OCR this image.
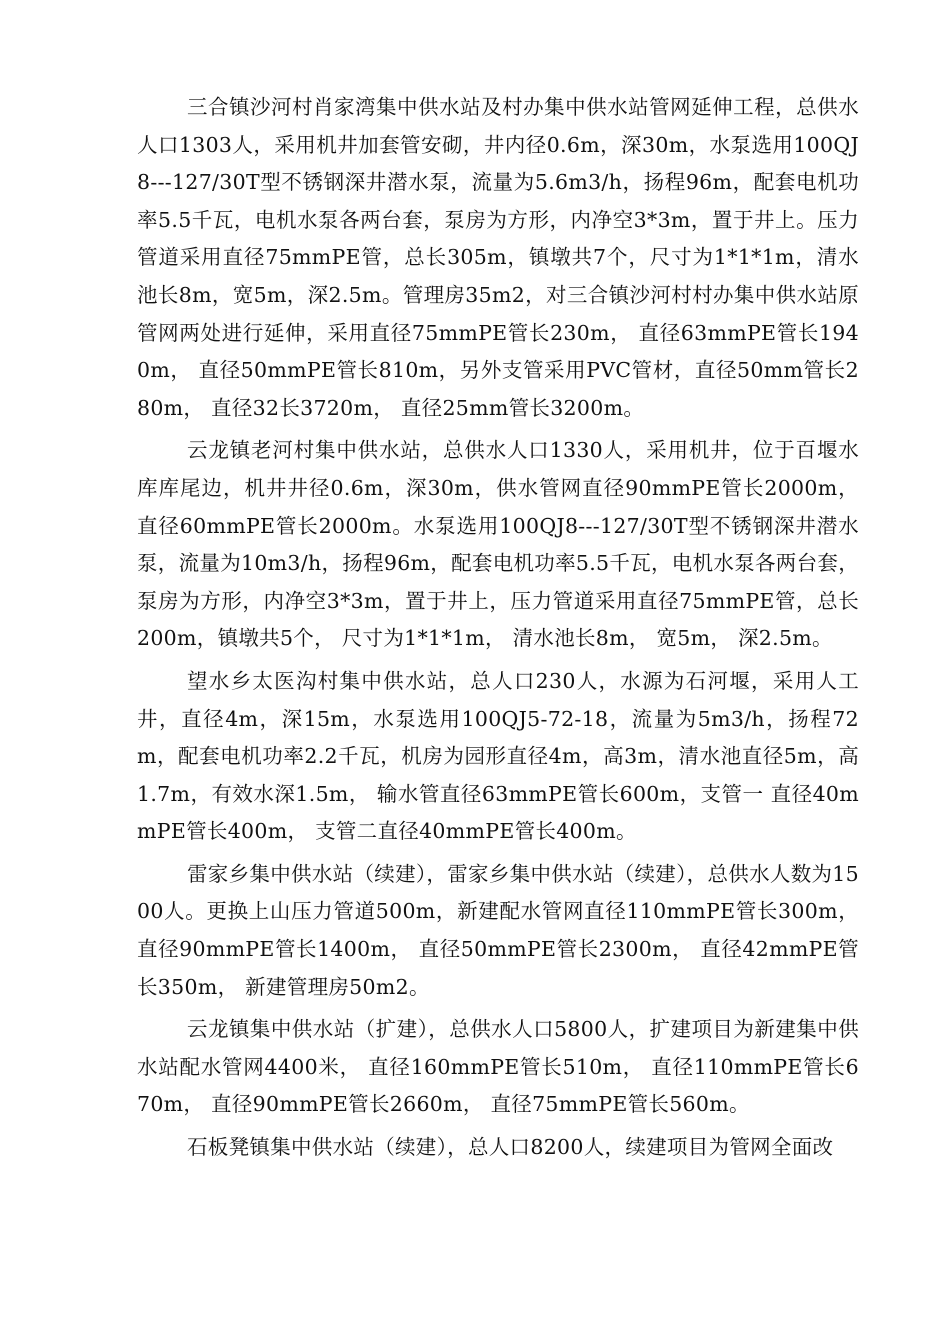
三合镇沙河村肖家湾集中供水站及村办集中供水站管网延伸工程，总供水人口1303人，采用机井加套管安砌，井内径0.6m，深30m，水泵选用100QJ8---127/30T型不锈钢深井潜水泵，流量为5.6m3/h，扬程96m，配套电机功率5.5千瓦，电机水泵各两台套，泵房为方形，内净空3*3m，置于井上。压力管道采用直径75mmPE管，总长305m，镇墩共7个，尺寸为1*1*1m，清水池长8m，宽5m，深2.5m。管理房35m2，对三合镇沙河村村办集中供水站原管网两处进行延伸，采用直径75mmPE管长230m， 直径63mmPE管长1940m， 直径50mmPE管长810m，另外支管采用PVC管材，直径50mm管长280m， 直径32长3720m， 直径25mm管长3200m。

云龙镇老河村集中供水站，总供水人口1330人，采用机井，位于百堰水库库尾边，机井井径0.6m，深30m，供水管网直径90mmPE管长2000m， 直径60mmPE管长2000m。水泵选用100QJ8---127/30T型不锈钢深井潜水泵，流量为10m3/h，扬程96m，配套电机功率5.5千瓦，电机水泵各两台套，泵房为方形，内净空3*3m，置于井上，压力管道采用直径75mmPE管，总长200m，镇墩共5个， 尺寸为1*1*1m， 清水池长8m， 宽5m， 深2.5m。

望水乡太医沟村集中供水站，总人口230人，水源为石河堰，采用人工井，直径4m，深15m，水泵选用100QJ5-72-18，流量为5m3/h，扬程72m，配套电机功率2.2千瓦，机房为园形直径4m，高3m，清水池直径5m，高1.7m，有效水深1.5m， 输水管直径63mmPE管长600m，支管一 直径40mmPE管长400m， 支管二直径40mmPE管长400m。

雷家乡集中供水站（续建），雷家乡集中供水站（续建），总供水人数为1500人。更换上山压力管道500m，新建配水管网直径110mmPE管长300m， 直径90mmPE管长1400m， 直径50mmPE管长2300m， 直径42mmPE管长350m， 新建管理房50m2。

云龙镇集中供水站（扩建），总供水人口5800人，扩建项目为新建集中供水站配水管网4400米， 直径160mmPE管长510m， 直径110mmPE管长670m， 直径90mmPE管长2660m， 直径75mmPE管长560m。

石板凳镇集中供水站（续建），总人口8200人，续建项目为管网全面改
